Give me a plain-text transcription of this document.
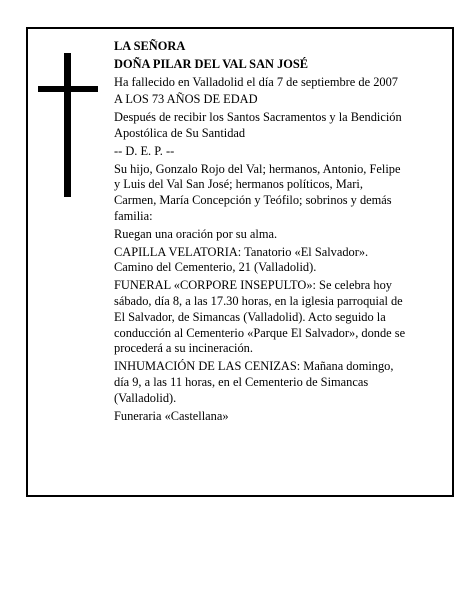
LA SEÑORA

DOÑA PILAR DEL VAL SAN JOSÉ

Ha fallecido en Valladolid el día 7 de septiembre de 2007

A LOS 73 AÑOS DE EDAD

Después de recibir los Santos Sacramentos y la Bendición Apostólica de Su Santidad

-- D. E. P. --

Su hijo, Gonzalo Rojo del Val; hermanos, Antonio, Felipe y Luis del Val San José; hermanos políticos, Mari, Carmen, María Concepción y Teófilo; sobrinos y demás familia:

Ruegan una oración por su alma.

CAPILLA VELATORIA: Tanatorio «El Salvador». Camino del Cementerio, 21 (Valladolid).

FUNERAL «CORPORE INSEPULTO»: Se celebra hoy sábado, día 8, a las 17.30 horas, en la iglesia parroquial de El Salvador, de Simancas (Valladolid). Acto seguido la conducción al Cementerio «Parque El Salvador», donde se procederá a su incineración.

INHUMACIÓN DE LAS CENIZAS: Mañana domingo, día 9, a las 11 horas, en el Cementerio de Simancas (Valladolid).

Funeraria «Castellana»
